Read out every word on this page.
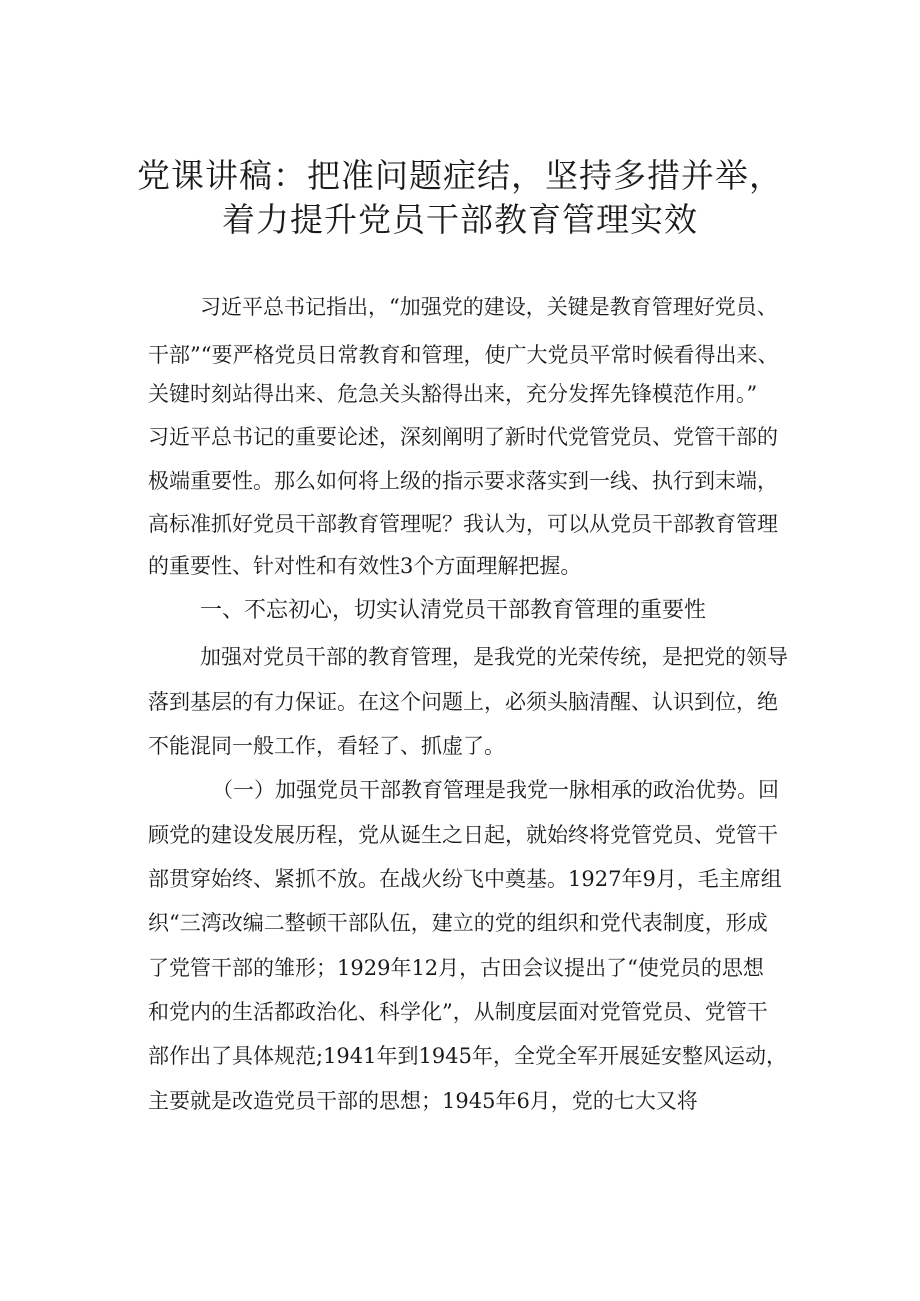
党课讲稿：把准问题症结，坚持多措并举，
着力提升党员干部教育管理实效
习近平总书记指出，“加强党的建设，关键是教育管理好党员、
干部”“要严格党员日常教育和管理，使广大党员平常时候看得出来、
关键时刻站得出来、危急关头豁得出来，充分发挥先锋模范作用。”
习近平总书记的重要论述，深刻阐明了新时代党管党员、党管干部的
极端重要性。那么如何将上级的指示要求落实到一线、执行到末端，
高标准抓好党员干部教育管理呢？我认为，可以从党员干部教育管理
的重要性、针对性和有效性3个方面理解把握。
一、不忘初心，切实认清党员干部教育管理的重要性
加强对党员干部的教育管理，是我党的光荣传统，是把党的领导
落到基层的有力保证。在这个问题上，必须头脑清醒、认识到位，绝
不能混同一般工作，看轻了、抓虚了。
（一）加强党员干部教育管理是我党一脉相承的政治优势。回
顾党的建设发展历程，党从诞生之日起，就始终将党管党员、党管干
部贯穿始终、紧抓不放。在战火纷飞中奠基。1927年9月，毛主席组
织“三湾改编二整顿干部队伍，建立的党的组织和党代表制度，形成
了党管干部的雏形；1929年12月，古田会议提出了“使党员的思想
和党内的生活都政治化、科学化”，从制度层面对党管党员、党管干
部作出了具体规范;1941年到1945年，全党全军开展延安整风运动，
主要就是改造党员干部的思想；1945年6月，党的七大又将
